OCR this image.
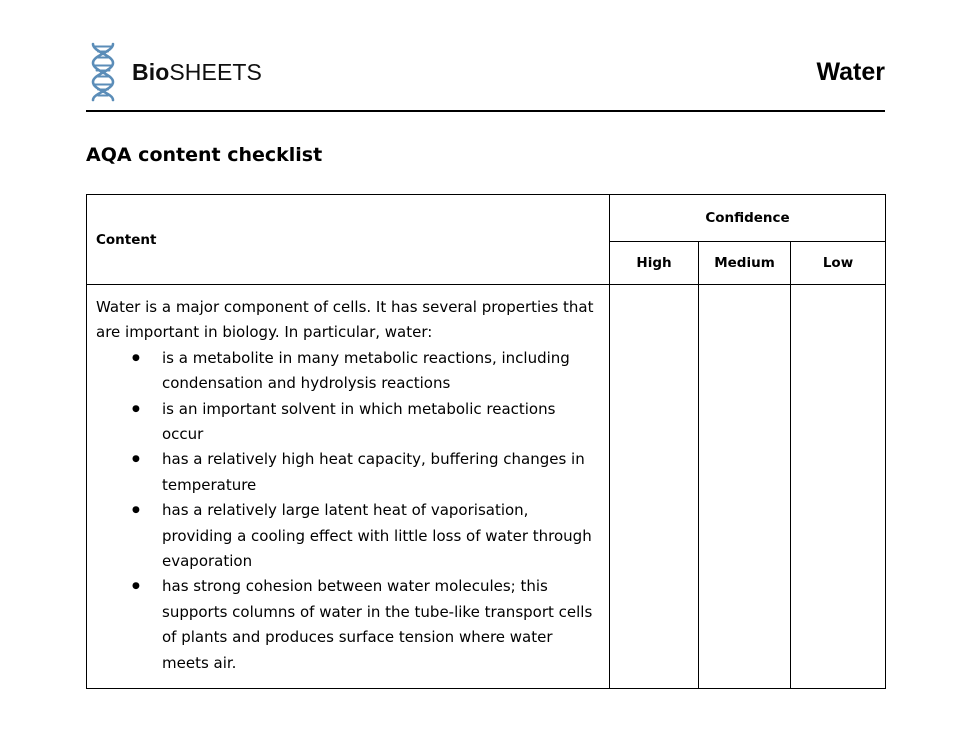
BioSHEETS	Water
AQA content checklist
Content	Confidence		
	High	Medium	Low

Water is a major component of cells. It has several properties that are important in biology. In particular, water:

● is a metabolite in many metabolic reactions, including condensation and hydrolysis reactions
● is an important solvent in which metabolic reactions occur
● has a relatively high heat capacity, buffering changes in temperature
● has a relatively large latent heat of vaporisation, providing a cooling effect with little loss of water through evaporation
● has strong cohesion between water molecules; this supports columns of water in the tube-like transport cells of plants and produces surface tension where water meets air.
